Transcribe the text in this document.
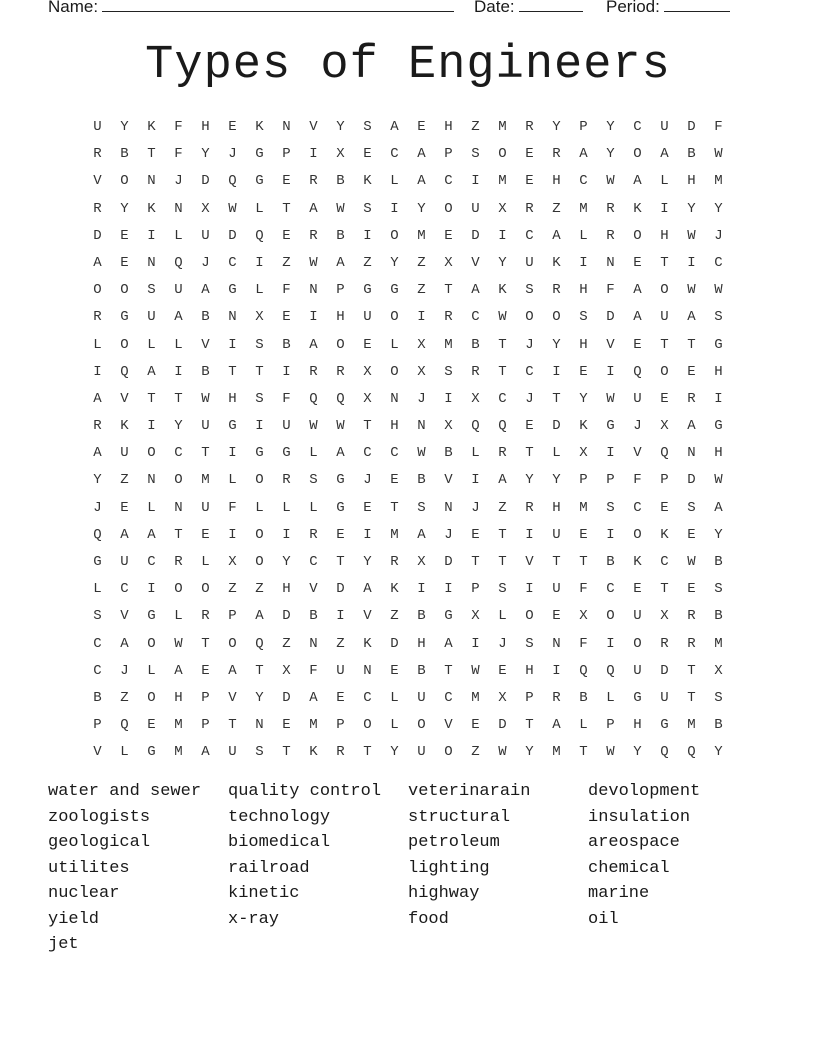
Name:	Date:	Period:
Types of Engineers
U	Y	K	F	H	E	K	N	V	Y	S	A	E	H	Z	M	R	Y	P	Y	C	U	D	F
R	B	T	F	Y	J	G	P	I	X	E	C	A	P	S	O	E	R	A	Y	O	A	B	W
V	O	N	J	D	Q	G	E	R	B	K	L	A	C	I	M	E	H	C	W	A	L	H	M
R	Y	K	N	X	W	L	T	A	W	S	I	Y	O	U	X	R	Z	M	R	K	I	Y	Y
D	E	I	L	U	D	Q	E	R	B	I	O	M	E	D	I	C	A	L	R	O	H	W	J
A	E	N	Q	J	C	I	Z	W	A	Z	Y	Z	X	V	Y	U	K	I	N	E	T	I	C
O	O	S	U	A	G	L	F	N	P	G	G	Z	T	A	K	S	R	H	F	A	O	W	W
R	G	U	A	B	N	X	E	I	H	U	O	I	R	C	W	O	O	S	D	A	U	A	S
L	O	L	L	V	I	S	B	A	O	E	L	X	M	B	T	J	Y	H	V	E	T	T	G
I	Q	A	I	B	T	T	I	R	R	X	O	X	S	R	T	C	I	E	I	Q	O	E	H
A	V	T	T	W	H	S	F	Q	Q	X	N	J	I	X	C	J	T	Y	W	U	E	R	I
R	K	I	Y	U	G	I	U	W	W	T	H	N	X	Q	Q	E	D	K	G	J	X	A	G
A	U	O	C	T	I	G	G	L	A	C	C	W	B	L	R	T	L	X	I	V	Q	N	H
Y	Z	N	O	M	L	O	R	S	G	J	E	B	V	I	A	Y	Y	P	P	F	P	D	W
J	E	L	N	U	F	L	L	L	G	E	T	S	N	J	Z	R	H	M	S	C	E	S	A
Q	A	A	T	E	I	O	I	R	E	I	M	A	J	E	T	I	U	E	I	O	K	E	Y
G	U	C	R	L	X	O	Y	C	T	Y	R	X	D	T	T	V	T	T	B	K	C	W	B
L	C	I	O	O	Z	Z	H	V	D	A	K	I	I	P	S	I	U	F	C	E	T	E	S
S	V	G	L	R	P	A	D	B	I	V	Z	B	G	X	L	O	E	X	O	U	X	R	B
C	A	O	W	T	O	Q	Z	N	Z	K	D	H	A	I	J	S	N	F	I	O	R	R	M
C	J	L	A	E	A	T	X	F	U	N	E	B	T	W	E	H	I	Q	Q	U	D	T	X
B	Z	O	H	P	V	Y	D	A	E	C	L	U	C	M	X	P	R	B	L	G	U	T	S
P	Q	E	M	P	T	N	E	M	P	O	L	O	V	E	D	T	A	L	P	H	G	M	B
V	L	G	M	A	U	S	T	K	R	T	Y	U	O	Z	W	Y	M	T	W	Y	Q	Q	Y
water and sewer	quality control	veterinarain	devolopment
zoologists	technology	structural	insulation
geological	biomedical	petroleum	areospace
utilites	railroad	lighting	chemical
nuclear	kinetic	highway	marine
yield	x-ray	food	oil
jet
